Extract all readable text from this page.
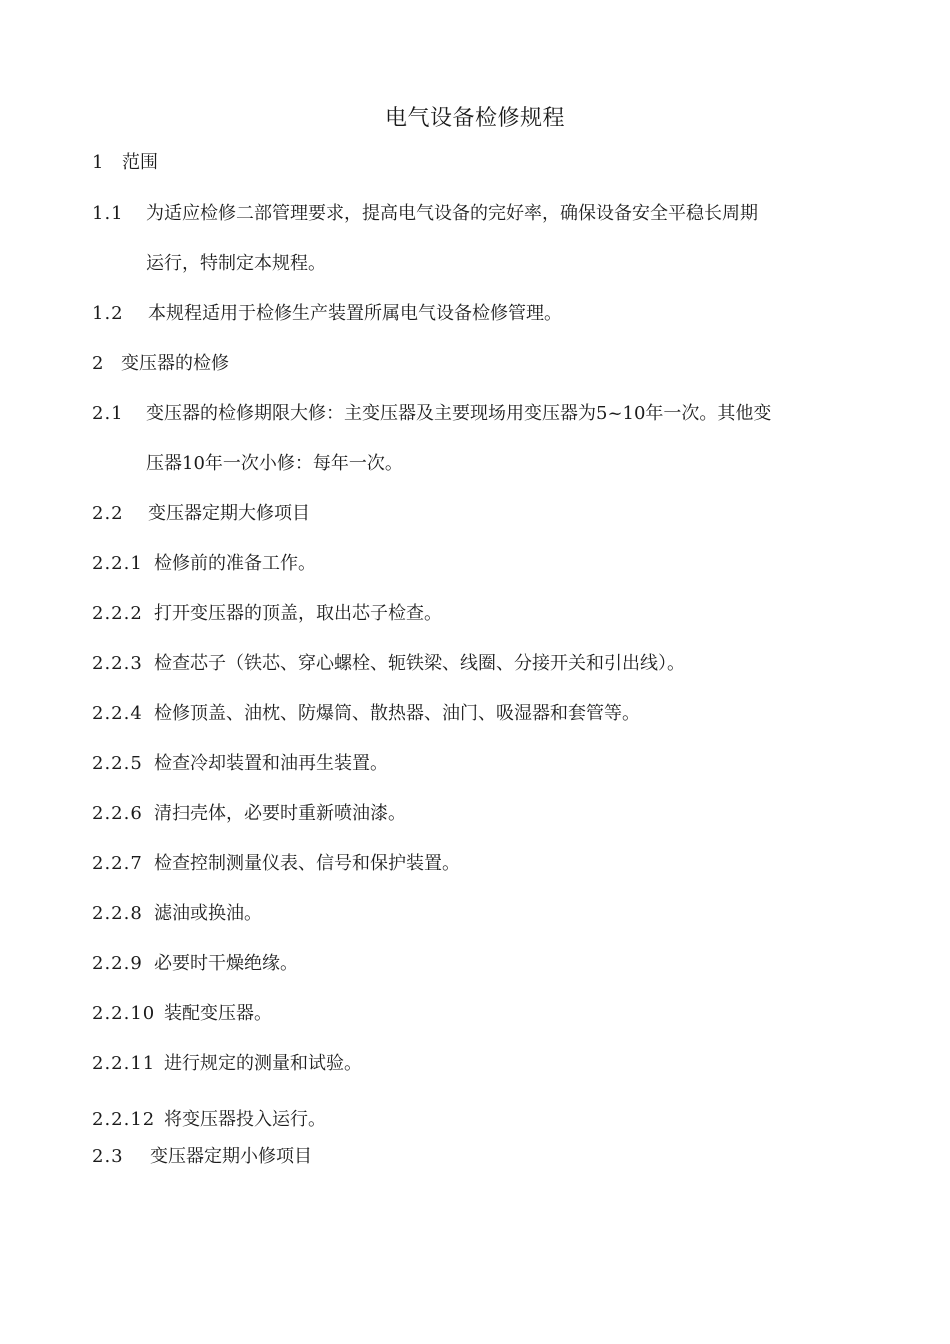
电气设备检修规程
1 范围
1.1 为适应检修二部管理要求，提高电气设备的完好率，确保设备安全平稳长周期
运行，特制定本规程。
1.2 本规程适用于检修生产装置所属电气设备检修管理。
2 变压器的检修
2.1 变压器的检修期限大修：主变压器及主要现场用变压器为5~10年一次。其他变
压器10年一次小修：每年一次。
2.2 变压器定期大修项目
2.2.1 检修前的准备工作。
2.2.2 打开变压器的顶盖，取出芯子检查。
2.2.3 检查芯子（铁芯、穿心螺栓、轭铁梁、线圈、分接开关和引出线）。
2.2.4 检修顶盖、油枕、防爆筒、散热器、油门、吸湿器和套管等。
2.2.5 检查冷却装置和油再生装置。
2.2.6 清扫壳体，必要时重新喷油漆。
2.2.7 检查控制测量仪表、信号和保护装置。
2.2.8 滤油或换油。
2.2.9 必要时干燥绝缘。
2.2.10 装配变压器。
2.2.11 进行规定的测量和试验。
2.2.12 将变压器投入运行。
2.3 变压器定期小修项目
